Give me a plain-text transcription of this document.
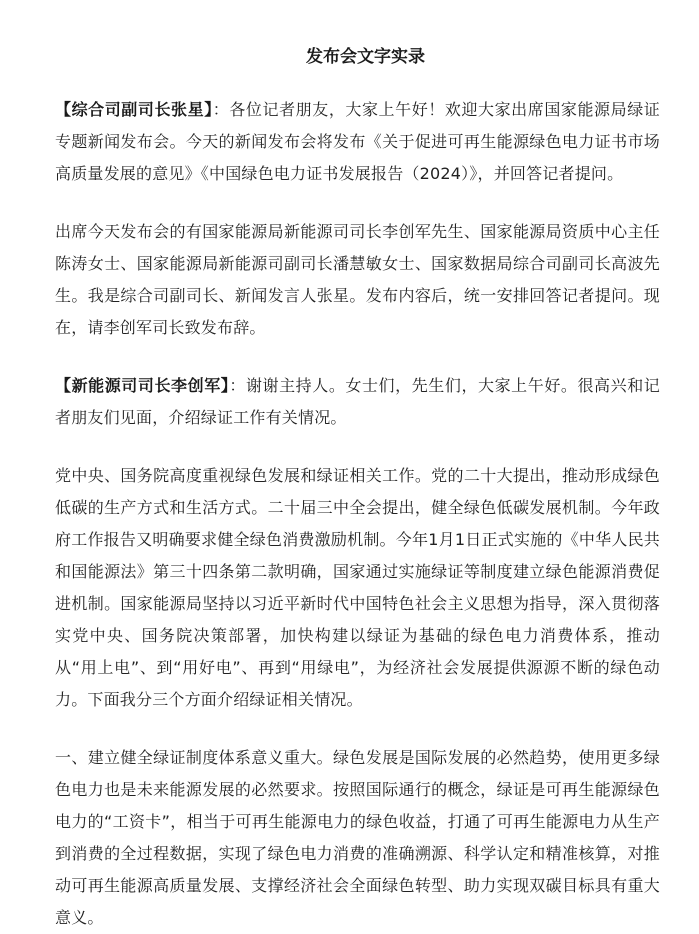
发布会文字实录
【综合司副司长张星】：各位记者朋友，大家上午好！欢迎大家出席国家能源局绿证专题新闻发布会。今天的新闻发布会将发布《关于促进可再生能源绿色电力证书市场高质量发展的意见》《中国绿色电力证书发展报告（2024）》，并回答记者提问。
出席今天发布会的有国家能源局新能源司司长李创军先生、国家能源局资质中心主任陈涛女士、国家能源局新能源司副司长潘慧敏女士、国家数据局综合司副司长高波先生。我是综合司副司长、新闻发言人张星。发布内容后，统一安排回答记者提问。现在，请李创军司长致发布辞。
【新能源司司长李创军】：谢谢主持人。女士们，先生们，大家上午好。很高兴和记者朋友们见面，介绍绿证工作有关情况。
党中央、国务院高度重视绿色发展和绿证相关工作。党的二十大提出，推动形成绿色低碳的生产方式和生活方式。二十届三中全会提出，健全绿色低碳发展机制。今年政府工作报告又明确要求健全绿色消费激励机制。今年1月1日正式实施的《中华人民共和国能源法》第三十四条第二款明确，国家通过实施绿证等制度建立绿色能源消费促进机制。国家能源局坚持以习近平新时代中国特色社会主义思想为指导，深入贯彻落实党中央、国务院决策部署，加快构建以绿证为基础的绿色电力消费体系，推动从“用上电”、到“用好电”、再到“用绿电”，为经济社会发展提供源源不断的绿色动力。下面我分三个方面介绍绿证相关情况。
一、建立健全绿证制度体系意义重大。绿色发展是国际发展的必然趋势，使用更多绿色电力也是未来能源发展的必然要求。按照国际通行的概念，绿证是可再生能源绿色电力的“工资卡”，相当于可再生能源电力的绿色收益，打通了可再生能源电力从生产到消费的全过程数据，实现了绿色电力消费的准确溯源、科学认定和精准核算，对推动可再生能源高质量发展、支撑经济社会全面绿色转型、助力实现双碳目标具有重大意义。
